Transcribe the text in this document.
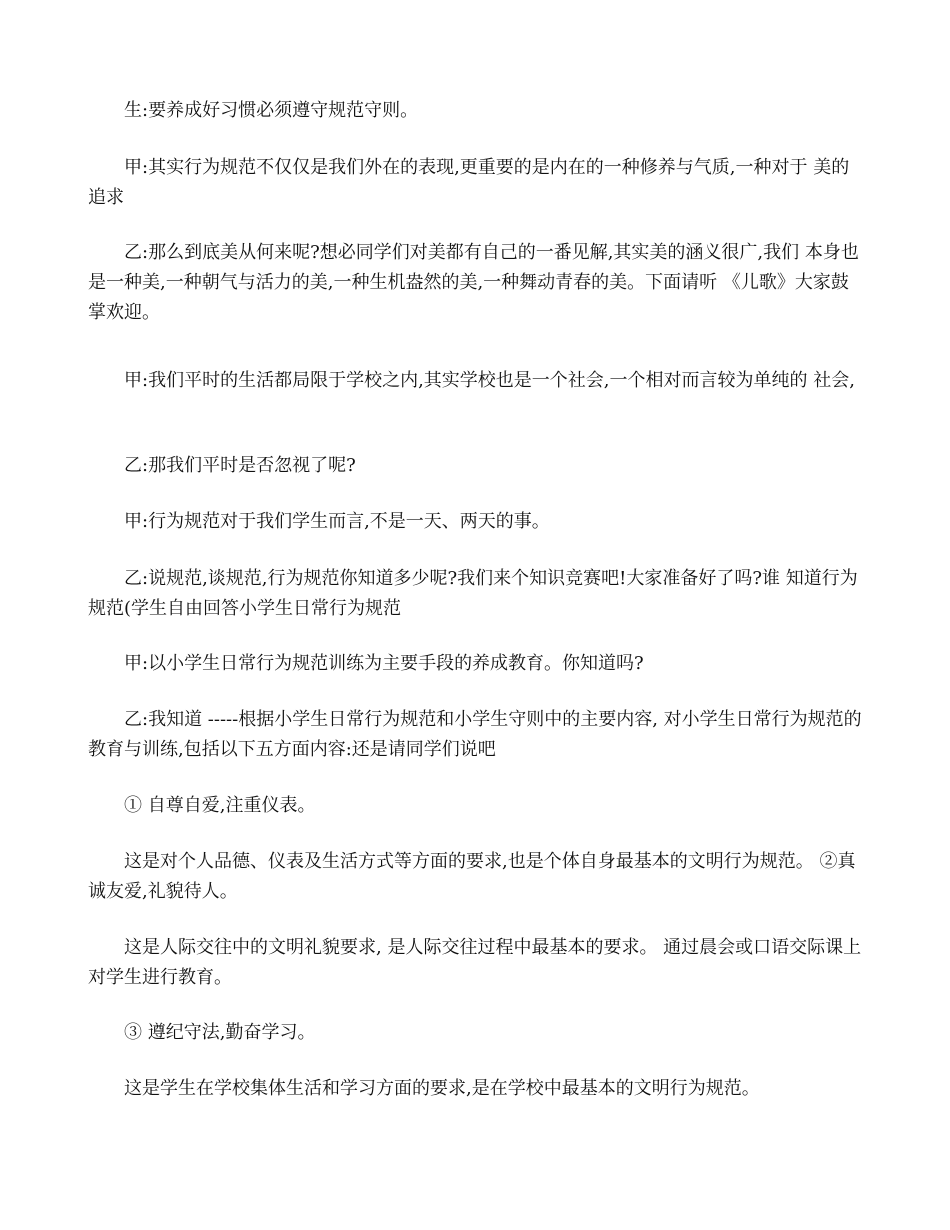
生:要养成好习惯必须遵守规范守则。

甲:其实行为规范不仅仅是我们外在的表现,更重要的是内在的一种修养与气质,一种对于 美的追求

乙:那么到底美从何来呢?想必同学们对美都有自己的一番见解,其实美的涵义很广,我们 本身也是一种美,一种朝气与活力的美,一种生机盎然的美,一种舞动青春的美。下面请听 《儿歌》大家鼓掌欢迎。

甲:我们平时的生活都局限于学校之内,其实学校也是一个社会,一个相对而言较为单纯的 社会,

乙:那我们平时是否忽视了呢?

甲:行为规范对于我们学生而言,不是一天、两天的事。

乙:说规范,谈规范,行为规范你知道多少呢?我们来个知识竞赛吧!大家准备好了吗?谁 知道行为规范(学生自由回答小学生日常行为规范

甲:以小学生日常行为规范训练为主要手段的养成教育。你知道吗?

乙:我知道 -----根据小学生日常行为规范和小学生守则中的主要内容, 对小学生日常行为规范的教育与训练,包括以下五方面内容:还是请同学们说吧

① 自尊自爱,注重仪表。

这是对个人品德、仪表及生活方式等方面的要求,也是个体自身最基本的文明行为规范。 ②真诚友爱,礼貌待人。

这是人际交往中的文明礼貌要求, 是人际交往过程中最基本的要求。 通过晨会或口语交际课上对学生进行教育。

③ 遵纪守法,勤奋学习。

这是学生在学校集体生活和学习方面的要求,是在学校中最基本的文明行为规范。
